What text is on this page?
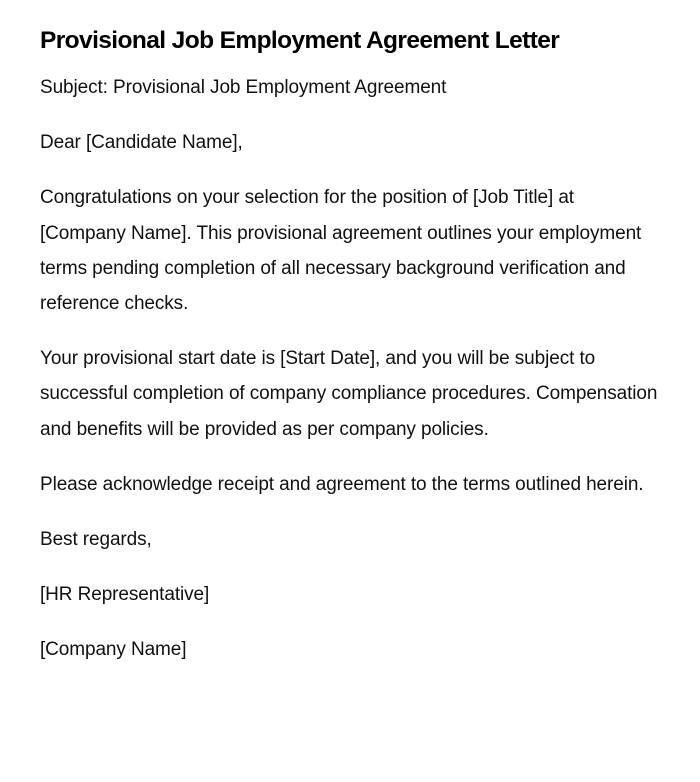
Provisional Job Employment Agreement Letter

Subject: Provisional Job Employment Agreement

Dear [Candidate Name],

Congratulations on your selection for the position of [Job Title] at [Company Name]. This provisional agreement outlines your employment terms pending completion of all necessary background verification and reference checks.

Your provisional start date is [Start Date], and you will be subject to successful completion of company compliance procedures. Compensation and benefits will be provided as per company policies.

Please acknowledge receipt and agreement to the terms outlined herein.

Best regards,

[HR Representative]

[Company Name]
